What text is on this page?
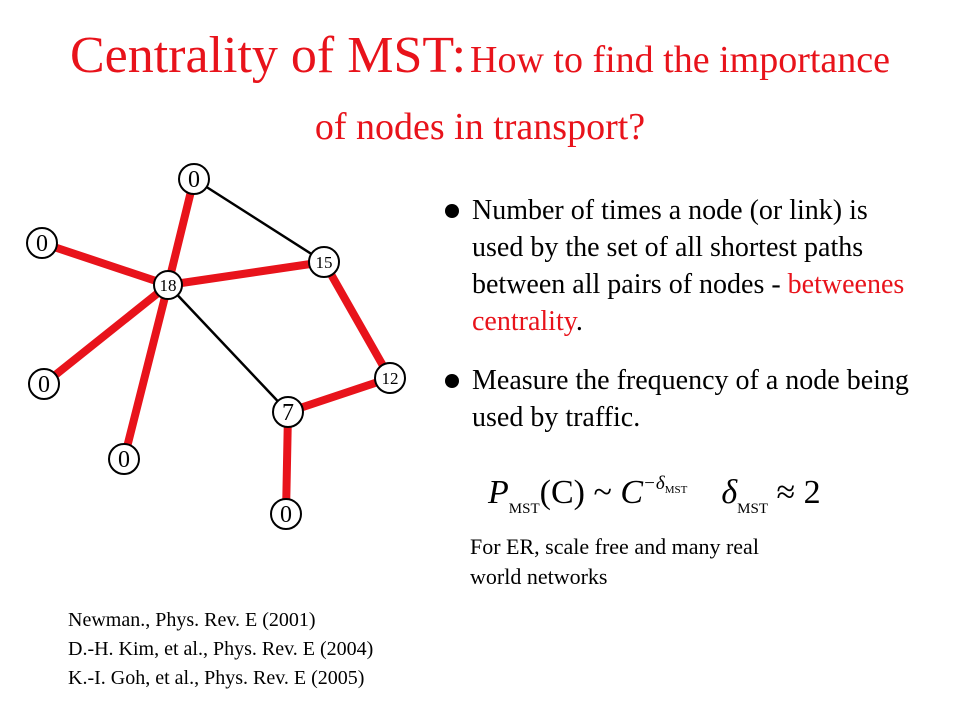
Centrality of MST: How to find the importance
of nodes in transport?
0
18
15
0
0
0
12
7
0
Number of times a node (or link) is used by the set of all shortest paths between all pairs of nodes - betweenes centrality.
Measure the frequency of a node being used by traffic.
$P_{MST}(C)$ ~ $C^{-\delta_{MST}}$ $\delta_{MST} \approx 2$
For ER, scale free and many real world networks
Newman., Phys. Rev. E (2001)
D.-H. Kim, et al., Phys. Rev. E (2004)
K.-I. Goh, et al., Phys. Rev. E (2005)
